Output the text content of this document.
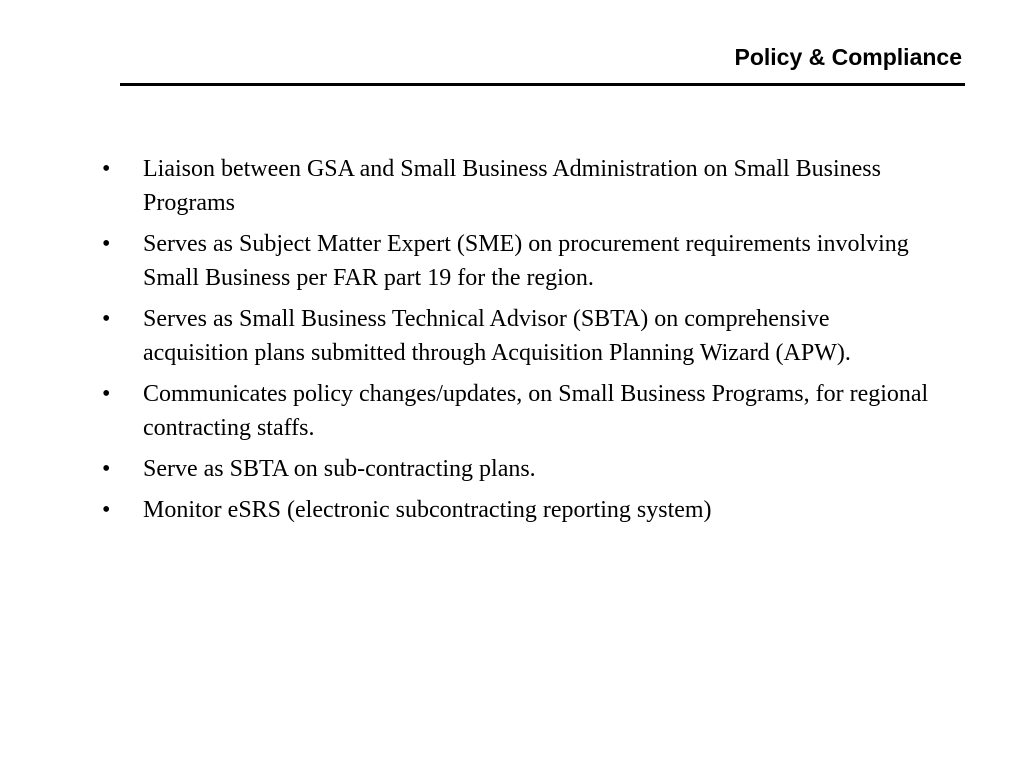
Policy & Compliance
• Liaison between GSA and Small Business Administration on Small Business Programs
• Serves as Subject Matter Expert (SME) on procurement requirements involving Small Business per FAR part 19 for the region.
• Serves as Small Business Technical Advisor (SBTA) on comprehensive acquisition plans submitted through Acquisition Planning Wizard (APW).
• Communicates policy changes/updates, on Small Business Programs, for regional contracting staffs.
• Serve as SBTA on sub-contracting plans.
• Monitor eSRS (electronic subcontracting reporting system)
